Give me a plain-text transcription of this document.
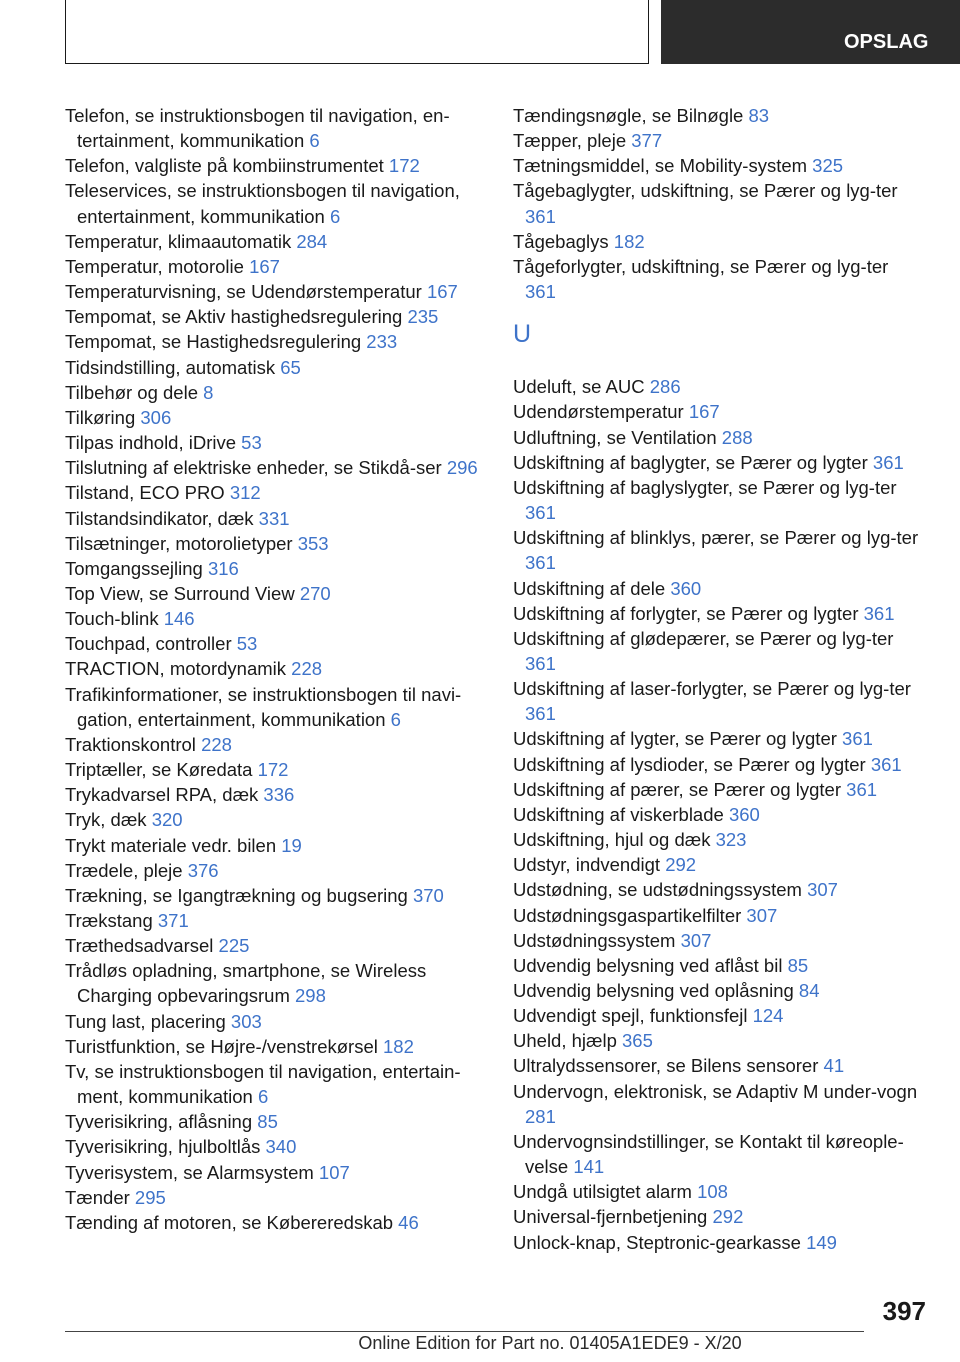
OPSLAG
Telefon, se instruktionsbogen til navigation, en-tertainment, kommunikation 6
Telefon, valgliste på kombiinstrumentet 172
Teleservices, se instruktionsbogen til navigation, entertainment, kommunikation 6
Temperatur, klimaautomatik 284
Temperatur, motorolie 167
Temperaturvisning, se Udendørstemperatur 167
Tempomat, se Aktiv hastighedsregulering 235
Tempomat, se Hastighedsregulering 233
Tidsindstilling, automatisk 65
Tilbehør og dele 8
Tilkøring 306
Tilpas indhold, iDrive 53
Tilslutning af elektriske enheder, se Stikdå-ser 296
Tilstand, ECO PRO 312
Tilstandsindikator, dæk 331
Tilsætninger, motorolietyper 353
Tomgangssejling 316
Top View, se Surround View 270
Touch-blink 146
Touchpad, controller 53
TRACTION, motordynamik 228
Trafikinformationer, se instruktionsbogen til navi-gation, entertainment, kommunikation 6
Traktionskontrol 228
Triptæller, se Køredata 172
Trykadvarsel RPA, dæk 336
Tryk, dæk 320
Trykt materiale vedr. bilen 19
Trædele, pleje 376
Trækning, se Igangtrækning og bugsering 370
Trækstang 371
Træthedsadvarsel 225
Trådløs opladning, smartphone, se Wireless Charging opbevaringsrum 298
Tung last, placering 303
Turistfunktion, se Højre-/venstrekørsel 182
Tv, se instruktionsbogen til navigation, entertain-ment, kommunikation 6
Tyverisikring, aflåsning 85
Tyverisikring, hjulboltlås 340
Tyverisystem, se Alarmsystem 107
Tænder 295
Tænding af motoren, se Købereredskab 46
Tændingsnøgle, se Bilnøgle 83
Tæpper, pleje 377
Tætningsmiddel, se Mobility-system 325
Tågebaglygter, udskiftning, se Pærer og lyg-ter 361
Tågebaglys 182
Tågeforlygter, udskiftning, se Pærer og lyg-ter 361
U
Udeluft, se AUC 286
Udendørstemperatur 167
Udluftning, se Ventilation 288
Udskiftning af baglygter, se Pærer og lygter 361
Udskiftning af baglyslygter, se Pærer og lyg-ter 361
Udskiftning af blinklys, pærer, se Pærer og lyg-ter 361
Udskiftning af dele 360
Udskiftning af forlygter, se Pærer og lygter 361
Udskiftning af glødepærer, se Pærer og lyg-ter 361
Udskiftning af laser-forlygter, se Pærer og lyg-ter 361
Udskiftning af lygter, se Pærer og lygter 361
Udskiftning af lysdioder, se Pærer og lygter 361
Udskiftning af pærer, se Pærer og lygter 361
Udskiftning af viskerblade 360
Udskiftning, hjul og dæk 323
Udstyr, indvendigt 292
Udstødning, se udstødningssystem 307
Udstødningsgaspartikelfilter 307
Udstødningssystem 307
Udvendig belysning ved aflåst bil 85
Udvendig belysning ved oplåsning 84
Udvendigt spejl, funktionsfejl 124
Uheld, hjælp 365
Ultralydssensorer, se Bilens sensorer 41
Undervogn, elektronisk, se Adaptiv M under-vogn 281
Undervognsindstillinger, se Kontakt til køreople-velse 141
Undgå utilsigtet alarm 108
Universal-fjernbetjening 292
Unlock-knap, Steptronic-gearkasse 149
397
Online Edition for Part no. 01405A1EDE9 - X/20
